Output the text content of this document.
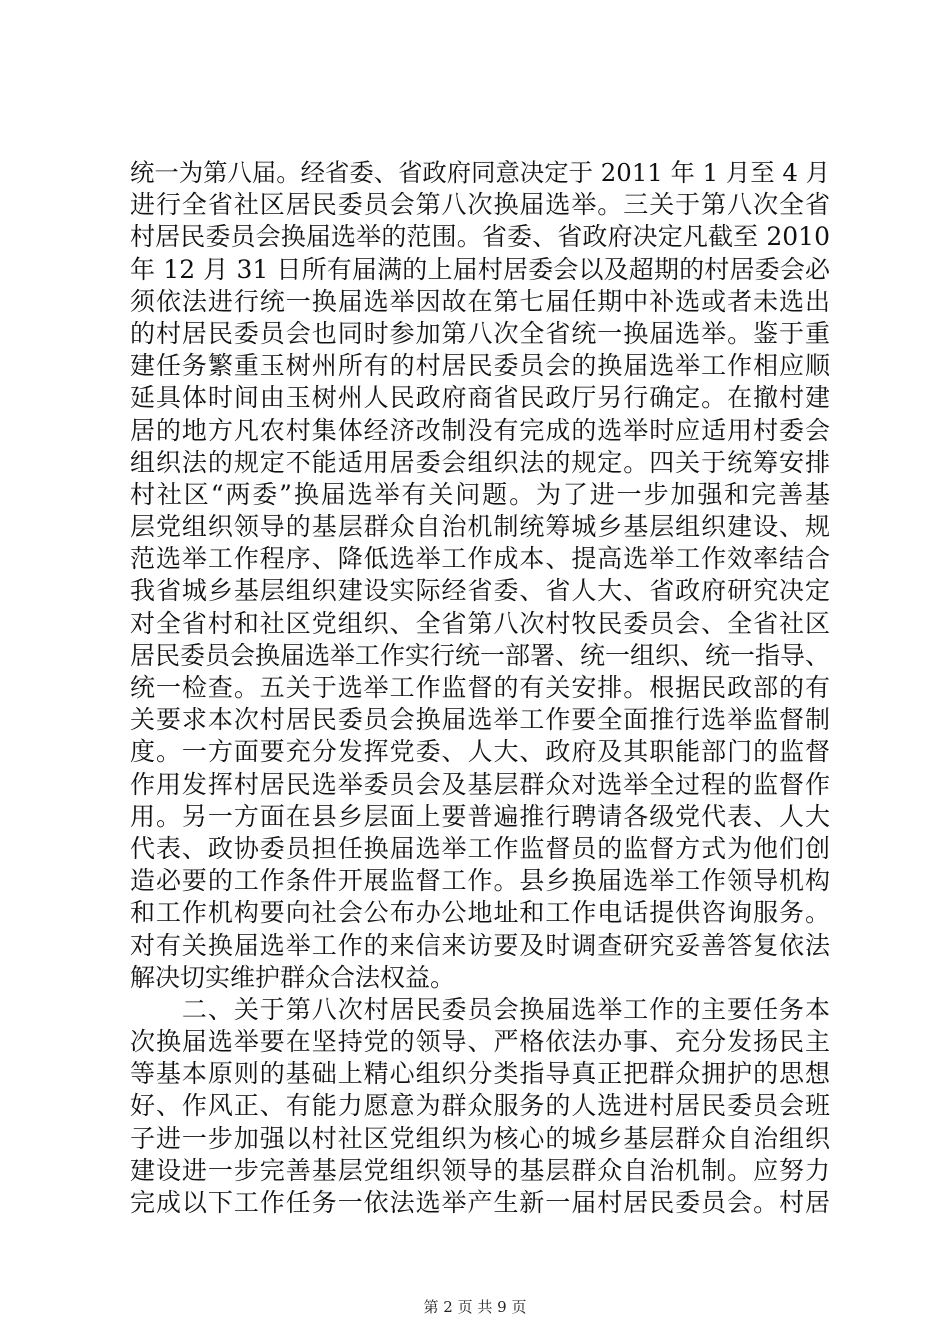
统一为第八届。经省委、省政府同意决定于 2011 年 1 月至 4 月
进行全省社区居民委员会第八次换届选举。三关于第八次全省
村居民委员会换届选举的范围。省委、省政府决定凡截至 2010
年 12 月 31 日所有届满的上届村居委会以及超期的村居委会必
须依法进行统一换届选举因故在第七届任期中补选或者未选出
的村居民委员会也同时参加第八次全省统一换届选举。鉴于重
建任务繁重玉树州所有的村居民委员会的换届选举工作相应顺
延具体时间由玉树州人民政府商省民政厅另行确定。在撤村建
居的地方凡农村集体经济改制没有完成的选举时应适用村委会
组织法的规定不能适用居委会组织法的规定。四关于统筹安排
村社区“两委”换届选举有关问题。为了进一步加强和完善基
层党组织领导的基层群众自治机制统筹城乡基层组织建设、规
范选举工作程序、降低选举工作成本、提高选举工作效率结合
我省城乡基层组织建设实际经省委、省人大、省政府研究决定
对全省村和社区党组织、全省第八次村牧民委员会、全省社区
居民委员会换届选举工作实行统一部署、统一组织、统一指导、
统一检查。五关于选举工作监督的有关安排。根据民政部的有
关要求本次村居民委员会换届选举工作要全面推行选举监督制
度。一方面要充分发挥党委、人大、政府及其职能部门的监督
作用发挥村居民选举委员会及基层群众对选举全过程的监督作
用。另一方面在县乡层面上要普遍推行聘请各级党代表、人大
代表、政协委员担任换届选举工作监督员的监督方式为他们创
造必要的工作条件开展监督工作。县乡换届选举工作领导机构
和工作机构要向社会公布办公地址和工作电话提供咨询服务。
对有关换届选举工作的来信来访要及时调查研究妥善答复依法
解决切实维护群众合法权益。
　　二、关于第八次村居民委员会换届选举工作的主要任务本
次换届选举要在坚持党的领导、严格依法办事、充分发扬民主
等基本原则的基础上精心组织分类指导真正把群众拥护的思想
好、作风正、有能力愿意为群众服务的人选进村居民委员会班
子进一步加强以村社区党组织为核心的城乡基层群众自治组织
建设进一步完善基层党组织领导的基层群众自治机制。应努力
完成以下工作任务一依法选举产生新一届村居民委员会。村居
第 2 页 共 9 页
